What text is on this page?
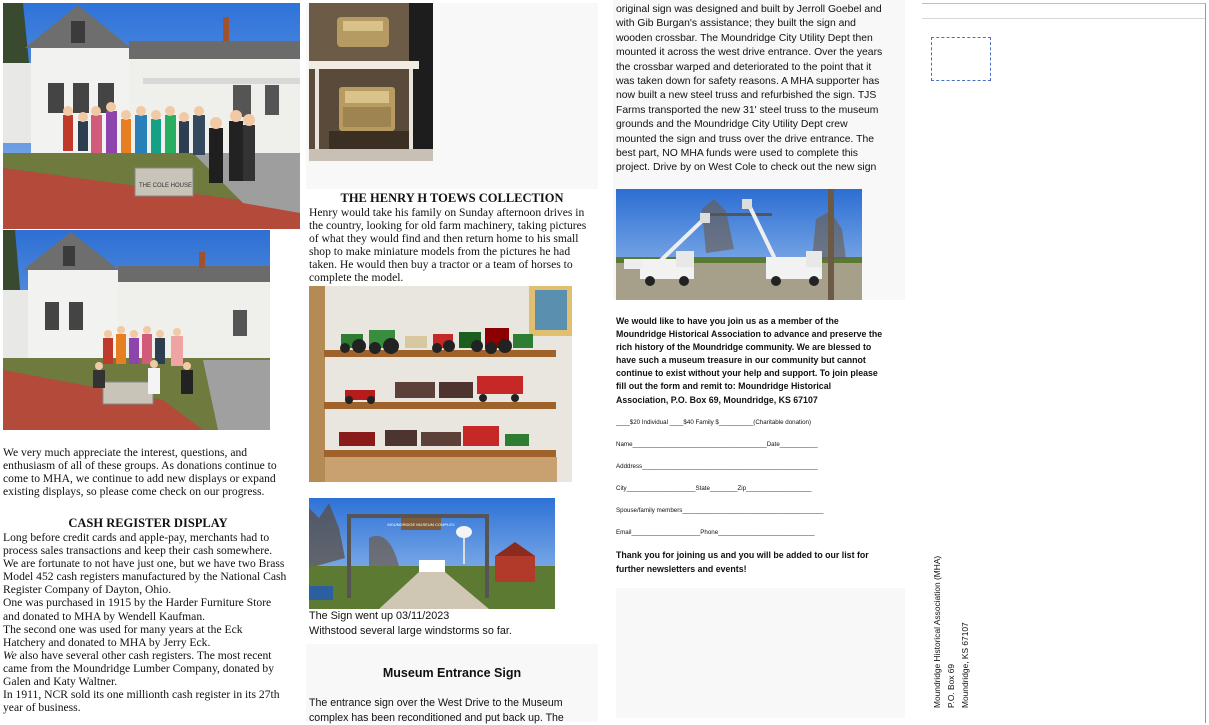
THE COLE HOUSE

We very much appreciate the interest, questions, and

enthusiasm of all of these groups. As donations continue to

come to MHA, we continue to add new displays or expand

existing displays, so please come check on our progress.

CASH REGISTER DISPLAY

Long before credit cards and apple-pay, merchants had to

process sales transactions and keep their cash somewhere.

We are fortunate to not have just one, but we have two Brass

Model 452 cash registers manufactured by the National Cash

Register Company of Dayton, Ohio.

One was purchased in 1915 by the Harder Furniture Store

and donated to MHA by Wendell Kaufman.

The second one was used for many years at the Eck

Hatchery and donated to MHA by Jerry Eck.

We also have several other cash registers. The most recent

came from the Moundridge Lumber Company, donated by

Galen and Katy Waltner.

In 1911, NCR sold its one millionth cash register in its 27th

year of business.

THE HENRY H TOEWS COLLECTION

Henry would take his family on Sunday afternoon drives in

the country, looking for old farm machinery, taking pictures

of what they would find and then return home to his small

shop to make miniature models from the pictures he had

taken. He would then buy a tractor or a team of horses to

complete the model.

MOUNDRIDGE MUSEUM COMPLEX
The Sign went up 03/11/2023
Withstood several large windstorms so far.
Museum Entrance Sign

The entrance sign over the West Drive to the Museum

complex has been reconditioned and put back up. The

original sign was designed and built by Jerroll Goebel and

with Gib Burgan's assistance; they built the sign and

wooden crossbar. The Moundridge City Utility Dept then

mounted it across the west drive entrance. Over the years

the crossbar warped and deteriorated to the point that it

was taken down for safety reasons. A MHA supporter has

now built a new steel truss and refurbished the sign. TJS

Farms transported the new 31' steel truss to the museum

grounds and the Moundridge City Utility Dept crew

mounted the sign and truss over the drive entrance. The

best part, NO MHA funds were used to complete this

project. Drive by on West Cole to check out the new sign

We would like to have you join us as a member of the

Moundridge Historical Association to advance and preserve the

rich history of the Moundridge community. We are blessed to

have such a museum treasure in our community but cannot

continue to exist without your help and support. To join please

fill out the form and remit to: Moundridge Historical

Association, P.O. Box 69, Moundridge, KS 67107

____$20 Individual ____$40 Family $__________(Charitable donation)
Name_______________________________________Date___________
Adddress___________________________________________________
City____________________State________Zip___________________
Spouse/family members_________________________________________
Email____________________Phone____________________________

Thank you for joining us and you will be added to our list for

further newsletters and events!	Moundridge Historical Association (MHA) P.O. Box 69 Moundridge, KS 67107
